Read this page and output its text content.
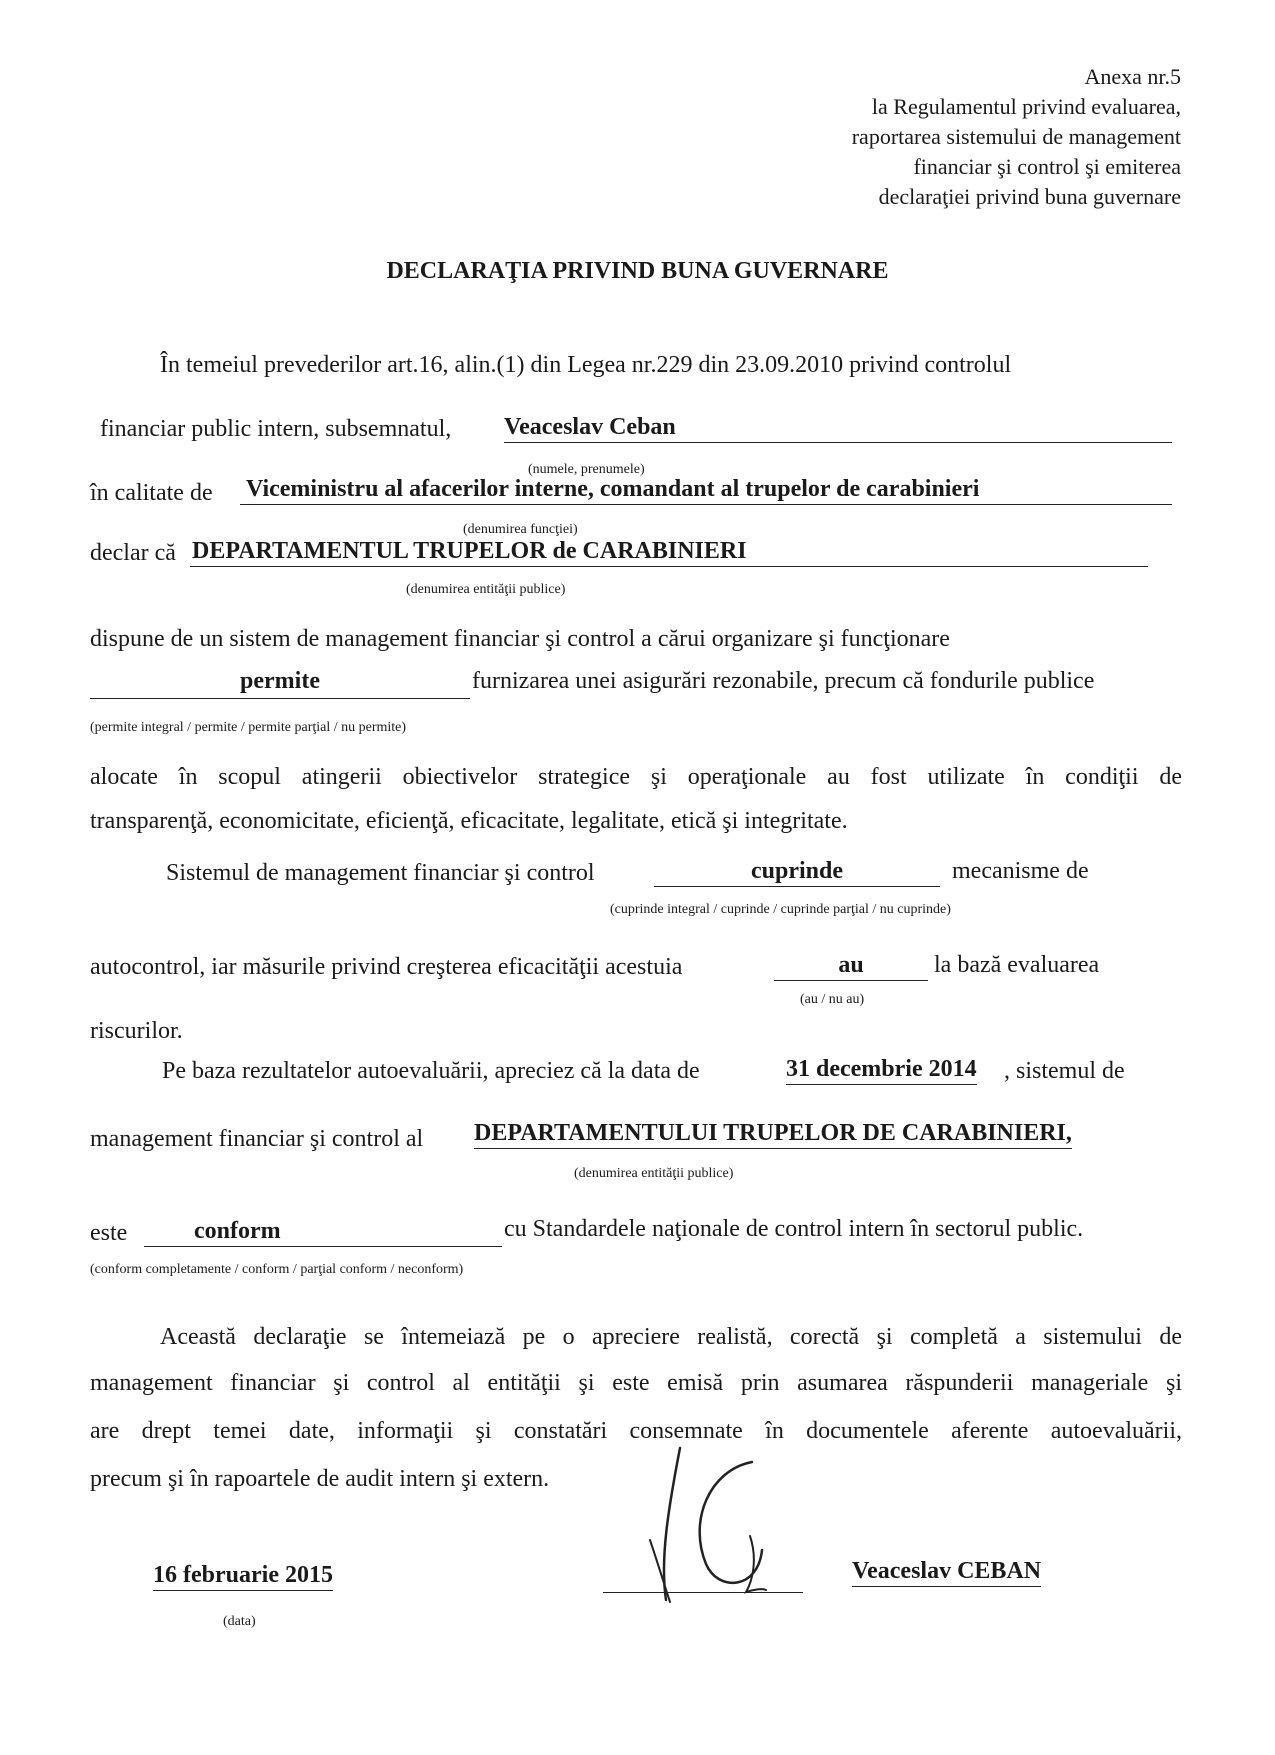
Anexa nr.5
la Regulamentul privind evaluarea,
raportarea sistemului de management
financiar şi control şi emiterea
declaraţiei privind buna guvernare
DECLARAŢIA PRIVIND BUNA GUVERNARE
În temeiul prevederilor art.16, alin.(1) din Legea nr.229 din 23.09.2010 privind controlul
financiar public intern, subsemnatul, Veaceslav Ceban
(numele, prenumele)
în calitate de Viceministru al afacerilor interne, comandant al trupelor de carabinieri
(denumirea funcţiei)
declar că DEPARTAMENTUL TRUPELOR de CARABINIERI
(denumirea entităţii publice)
dispune de un sistem de management financiar şi control a cărui organizare şi funcţionare
permite	furnizarea unei asigurări rezonabile, precum că fondurile publice
(permite integral / permite / permite parţial / nu permite)
alocate în scopul atingerii obiectivelor strategice şi operaţionale au fost utilizate în condiţii de
transparenţă, economicitate, eficienţă, eficacitate, legalitate, etică şi integritate.
Sistemul de management financiar şi control	cuprinde	mecanisme de
(cuprinde integral / cuprinde / cuprinde parţial / nu cuprinde)
autocontrol, iar măsurile privind creşterea eficacităţii acestuia	au	la bază evaluarea
(au / nu au)
riscurilor.
Pe baza rezultatelor autoevaluării, apreciez că la data de	31 decembrie 2014 , sistemul de
management financiar şi control al DEPARTAMENTULUI TRUPELOR DE CARABINIERI,
(denumirea entităţii publice)
este	conform	cu Standardele naţionale de control intern în sectorul public.
(conform completamente / conform / parţial conform / neconform)
Această declaraţie se întemeiază pe o apreciere realistă, corectă şi completă a sistemului de
management financiar şi control al entităţii şi este emisă prin asumarea răspunderii manageriale şi
are drept temei date, informaţii şi constatări consemnate în documentele aferente autoevaluării,
precum şi în rapoartele de audit intern şi extern.
16 februarie 2015
(data)
Veaceslav CEBAN
